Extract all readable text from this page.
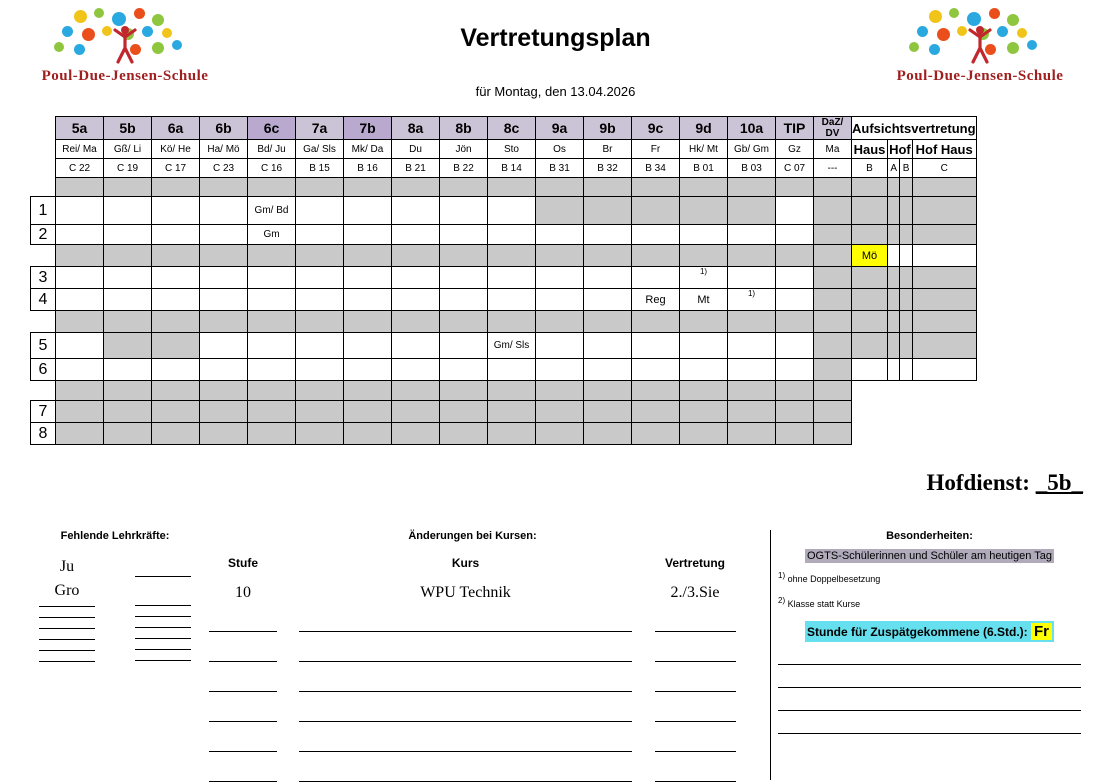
Poul-Due-Jensen-Schule	Poul-Due-Jensen-Schule
Vertretungsplan
für Montag, den 13.04.2026
	5a	5b	6a	6b	6c	7a	7b	8a	8b	8c	9a	9b	9c	9d	10a	TIP	DaZ/ DV	Aufsichtsvertretung			
	Rei/ Ma	Gß/ Li	Kö/ He	Ha/ Mö	Bd/ Ju	Ga/ Sls	Mk/ Da	Du	Jön	Sto	Os	Br	Fr	Hk/ Mt	Gb/ Gm	Gz	Ma	Haus	Hof		Hof Haus
	C 22	C 19	C 17	C 23	C 16	B 15	B 16	B 21	B 22	B 14	B 31	B 32	B 34	B 01	B 03	C 07	---	B	A	B	C

1					Gm/ Bd																
2					Gm																
																		Mö			
3														1)							
4													Reg	Mt	1)						

5										Gm/ Sls											
6																					

7																					
8																					
Hofdienst: _5b_
Fehlende Lehrkräfte:
Ju
Gro
Änderungen bei Kursen:
Stufe	Kurs	Vertretung
10	WPU Technik	2./3.Sie
Besonderheiten:
OGTS-Schülerinnen und Schüler am heutigen Tag
$^{1)}$ ohne Doppelbesetzung
$^{2)}$ Klasse statt Kurse
Stunde für Zuspätgekommene (6.Std.): Fr
